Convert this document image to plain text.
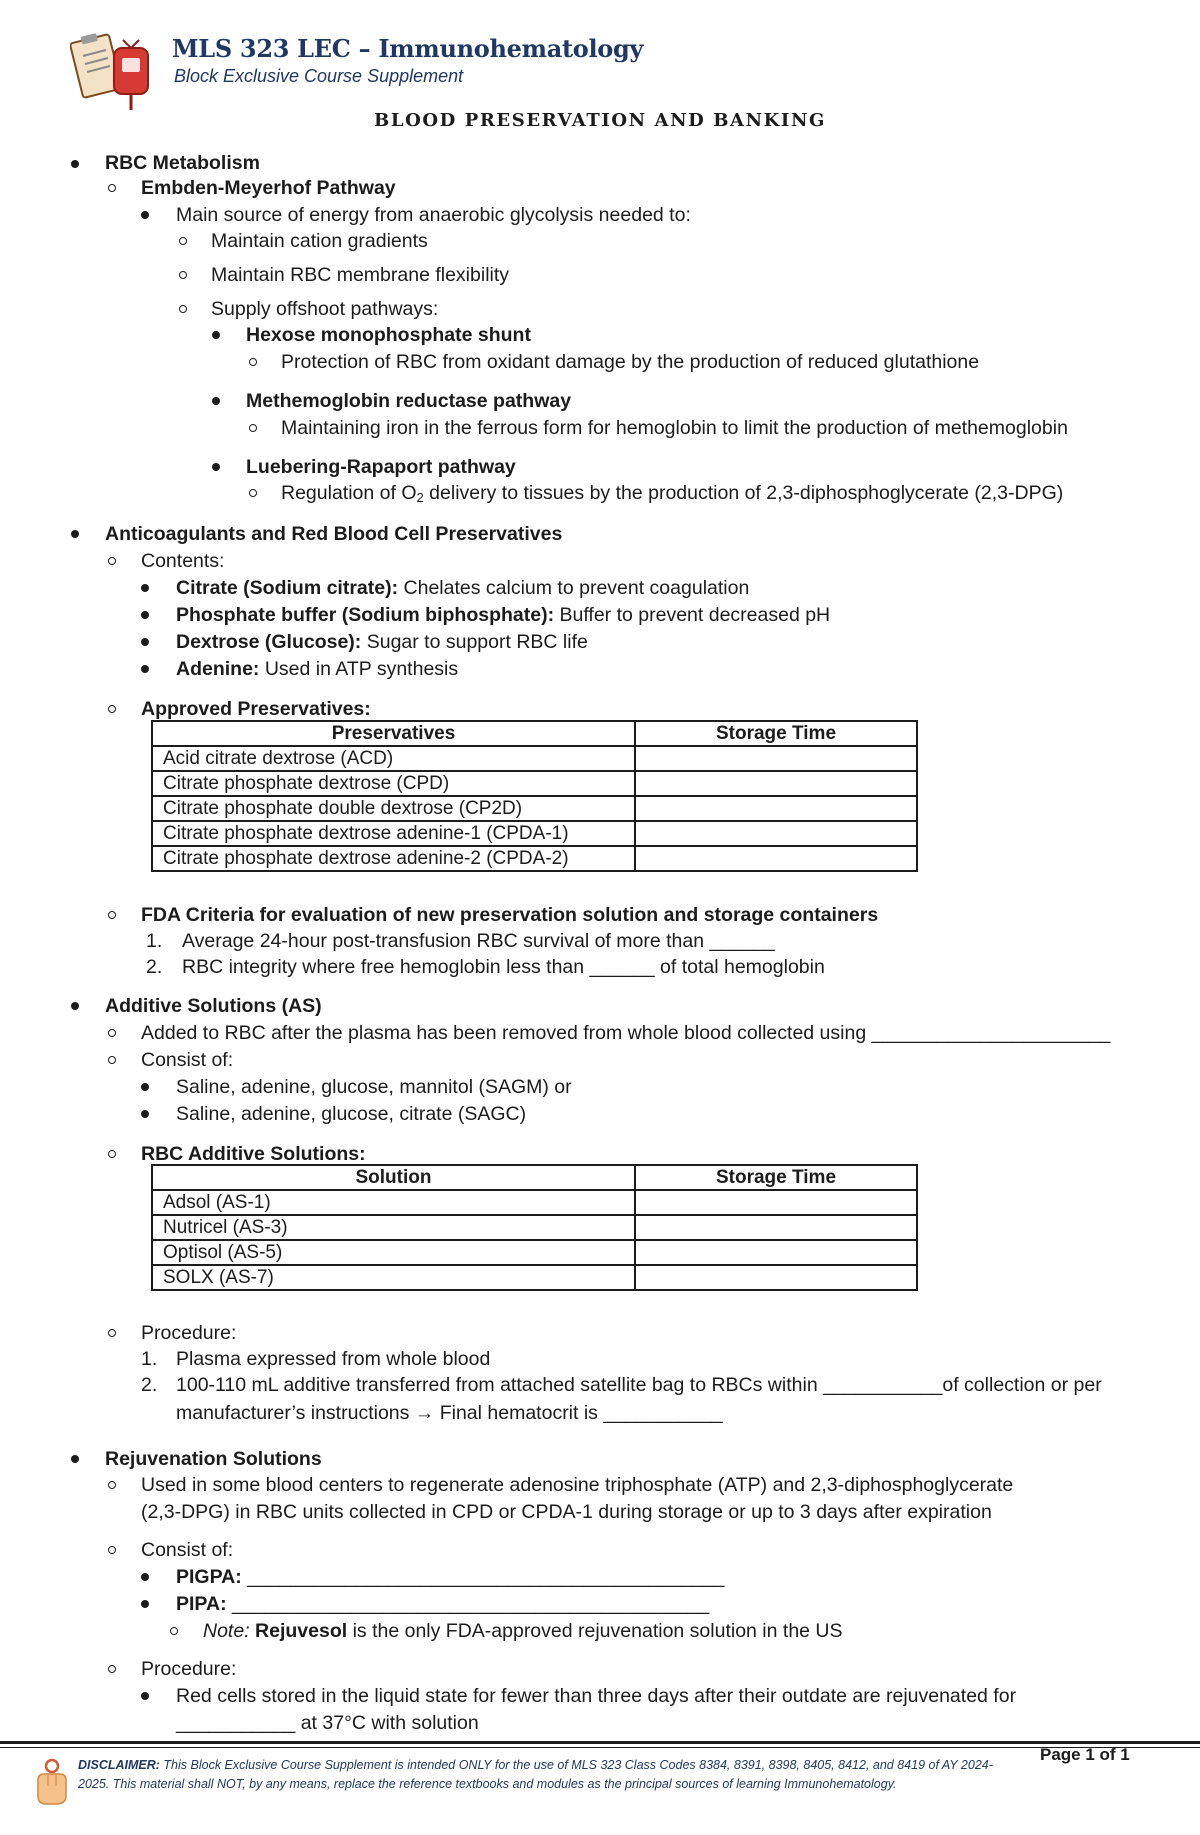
MLS 323 LEC – Immunohematology
Block Exclusive Course Supplement
BLOOD PRESERVATION AND BANKING
RBC Metabolism
Embden-Meyerhof Pathway
Main source of energy from anaerobic glycolysis needed to:
Maintain cation gradients
Maintain RBC membrane flexibility
Supply offshoot pathways:
Hexose monophosphate shunt
Protection of RBC from oxidant damage by the production of reduced glutathione
Methemoglobin reductase pathway
Maintaining iron in the ferrous form for hemoglobin to limit the production of methemoglobin
Luebering-Rapaport pathway
Regulation of $O_2$ delivery to tissues by the production of 2,3-diphosphoglycerate (2,3-DPG)
Anticoagulants and Red Blood Cell Preservatives
Contents:
Citrate (Sodium citrate): Chelates calcium to prevent coagulation
Phosphate buffer (Sodium biphosphate): Buffer to prevent decreased pH
Dextrose (Glucose): Sugar to support RBC life
Adenine: Used in ATP synthesis
Approved Preservatives:
Preservatives	Storage Time
Acid citrate dextrose (ACD)	
Citrate phosphate dextrose (CPD)	
Citrate phosphate double dextrose (CP2D)	
Citrate phosphate dextrose adenine-1 (CPDA-1)	
Citrate phosphate dextrose adenine-2 (CPDA-2)	
FDA Criteria for evaluation of new preservation solution and storage containers
1. Average 24-hour post-transfusion RBC survival of more than ______
2. RBC integrity where free hemoglobin less than ______ of total hemoglobin
Additive Solutions (AS)
Added to RBC after the plasma has been removed from whole blood collected using ______________________
Consist of:
Saline, adenine, glucose, mannitol (SAGM) or
Saline, adenine, glucose, citrate (SAGC)
RBC Additive Solutions:
Solution	Storage Time
Adsol (AS-1)	
Nutricel (AS-3)	
Optisol (AS-5)	
SOLX (AS-7)	
Procedure:
1. Plasma expressed from whole blood
2. 100-110 mL additive transferred from attached satellite bag to RBCs within ___________of collection or per
manufacturer’s instructions → Final hematocrit is ___________
Rejuvenation Solutions
Used in some blood centers to regenerate adenosine triphosphate (ATP) and 2,3-diphosphoglycerate
(2,3-DPG) in RBC units collected in CPD or CPDA-1 during storage or up to 3 days after expiration
Consist of:
PIGPA: ____________________________________________
PIPA: ____________________________________________
Note: Rejuvesol is the only FDA-approved rejuvenation solution in the US
Procedure:
Red cells stored in the liquid state for fewer than three days after their outdate are rejuvenated for
___________ at 37°C with solution
DISCLAIMER: This Block Exclusive Course Supplement is intended ONLY for the use of MLS 323 Class Codes 8384, 8391, 8398, 8405, 8412, and 8419 of AY 2024-
2025. This material shall NOT, by any means, replace the reference textbooks and modules as the principal sources of learning Immunohematology.
Page 1 of 1
